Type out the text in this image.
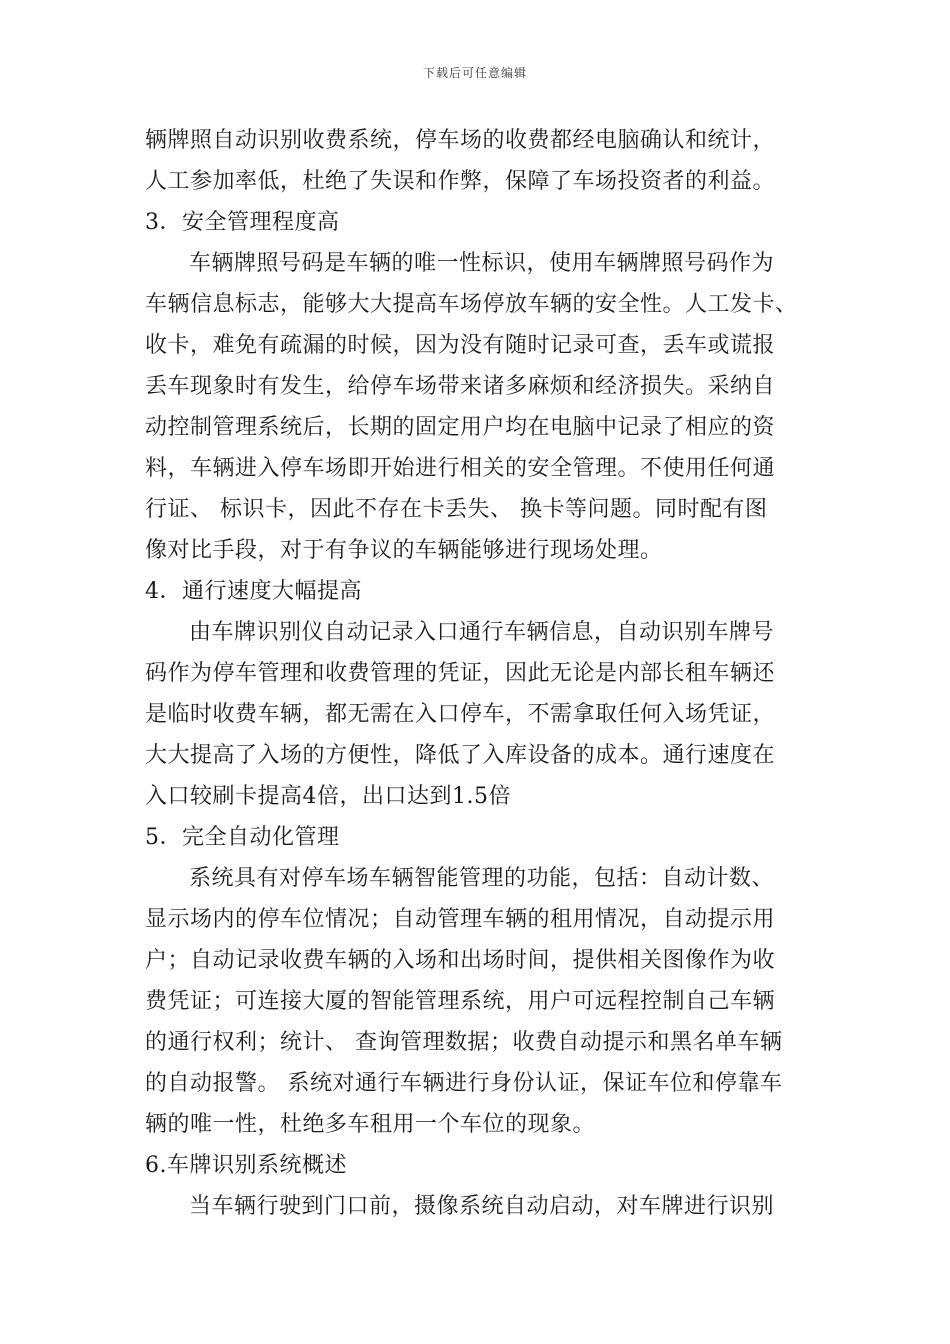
下载后可任意编辑
辆牌照自动识别收费系统，停车场的收费都经电脑确认和统计，
人工参加率低，杜绝了失误和作弊，保障了车场投资者的利益。
3．安全管理程度高
车辆牌照号码是车辆的唯一性标识，使用车辆牌照号码作为
车辆信息标志，能够大大提高车场停放车辆的安全性。人工发卡、
收卡，难免有疏漏的时候，因为没有随时记录可查，丢车或谎报
丢车现象时有发生，给停车场带来诸多麻烦和经济损失。采纳自
动控制管理系统后，长期的固定用户均在电脑中记录了相应的资
料，车辆进入停车场即开始进行相关的安全管理。不使用任何通
行证、 标识卡，因此不存在卡丢失、 换卡等问题。同时配有图
像对比手段，对于有争议的车辆能够进行现场处理。
4．通行速度大幅提高
由车牌识别仪自动记录入口通行车辆信息，自动识别车牌号
码作为停车管理和收费管理的凭证，因此无论是内部长租车辆还
是临时收费车辆，都无需在入口停车，不需拿取任何入场凭证，
大大提高了入场的方便性，降低了入库设备的成本。通行速度在
入口较刷卡提高4倍，出口达到1.5倍
5．完全自动化管理
系统具有对停车场车辆智能管理的功能，包括：自动计数、
显示场内的停车位情况；自动管理车辆的租用情况，自动提示用
户；自动记录收费车辆的入场和出场时间，提供相关图像作为收
费凭证；可连接大厦的智能管理系统，用户可远程控制自己车辆
的通行权利；统计、 查询管理数据；收费自动提示和黑名单车辆
的自动报警。 系统对通行车辆进行身份认证，保证车位和停靠车
辆的唯一性，杜绝多车租用一个车位的现象。
6.车牌识别系统概述
当车辆行驶到门口前，摄像系统自动启动，对车牌进行识别
